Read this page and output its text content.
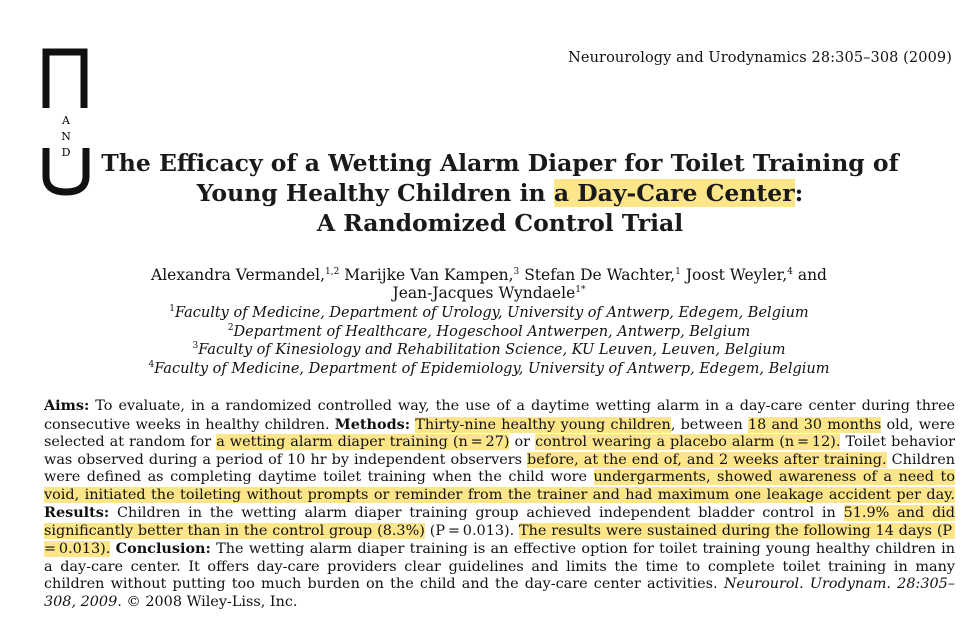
A
N
D
Neurourology and Urodynamics 28:305–308 (2009)
The Efficacy of a Wetting Alarm Diaper for Toilet Training of
Young Healthy Children in a Day-Care Center:
A Randomized Control Trial
Alexandra Vermandel,$^{1,2}$ Marijke Van Kampen,$^3$ Stefan De Wachter,$^1$ Joost Weyler,$^4$ and
Jean-Jacques Wyndaele$^{1*}$
$^1$Faculty of Medicine, Department of Urology, University of Antwerp, Edegem, Belgium
$^2$Department of Healthcare, Hogeschool Antwerpen, Antwerp, Belgium
$^3$Faculty of Kinesiology and Rehabilitation Science, KU Leuven, Leuven, Belgium
$^4$Faculty of Medicine, Department of Epidemiology, University of Antwerp, Edegem, Belgium
Aims: To evaluate, in a randomized controlled way, the use of a daytime wetting alarm in a day-care center during three consecutive weeks in healthy children. Methods: Thirty-nine healthy young children, between 18 and 30 months old, were selected at random for a wetting alarm diaper training (n = 27) or control wearing a placebo alarm (n = 12). Toilet behavior was observed during a period of 10 hr by independent observers before, at the end of, and 2 weeks after training. Children were defined as completing daytime toilet training when the child wore undergarments, showed awareness of a need to void, initiated the toileting without prompts or reminder from the trainer and had maximum one leakage accident per day. Results: Children in the wetting alarm diaper training group achieved independent bladder control in 51.9% and did significantly better than in the control group (8.3%) (P = 0.013). The results were sustained during the following 14 days (P = 0.013). Conclusion: The wetting alarm diaper training is an effective option for toilet training young healthy children in a day-care center. It offers day-care providers clear guidelines and limits the time to complete toilet training in many children without putting too much burden on the child and the day-care center activities. Neurourol. Urodynam. 28:305–308, 2009. © 2008 Wiley-Liss, Inc.
